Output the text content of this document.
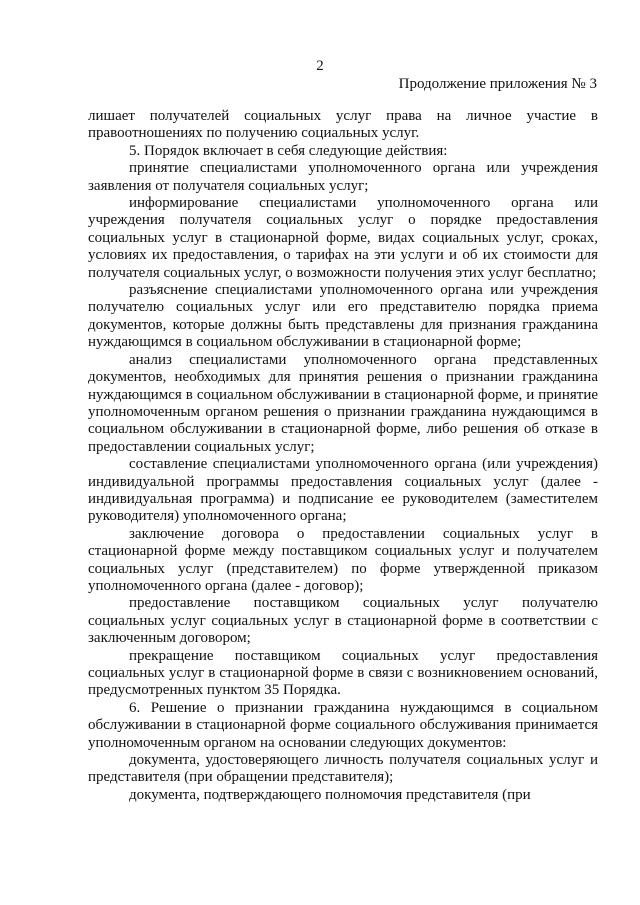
2
Продолжение приложения № 3

лишает получателей социальных услуг права на личное участие в правоотношениях по получению социальных услуг.

5. Порядок включает в себя следующие действия:

принятие специалистами уполномоченного органа или учреждения заявления от получателя социальных услуг;

информирование специалистами уполномоченного органа или учреждения получателя социальных услуг о порядке предоставления социальных услуг в стационарной форме, видах социальных услуг, сроках, условиях их предоставления, о тарифах на эти услуги и об их стоимости для получателя социальных услуг, о возможности получения этих услуг бесплатно;

разъяснение специалистами уполномоченного органа или учреждения получателю социальных услуг или его представителю порядка приема документов, которые должны быть представлены для признания гражданина нуждающимся в социальном обслуживании в стационарной форме;

анализ специалистами уполномоченного органа представленных документов, необходимых для принятия решения о признании гражданина нуждающимся в социальном обслуживании в стационарной форме, и принятие уполномоченным органом решения о признании гражданина нуждающимся в социальном обслуживании в стационарной форме, либо решения об отказе в предоставлении социальных услуг;

составление специалистами уполномоченного органа (или учреждения) индивидуальной программы предоставления социальных услуг (далее - индивидуальная программа) и подписание ее руководителем (заместителем руководителя) уполномоченного органа;

заключение договора о предоставлении социальных услуг в стационарной форме между поставщиком социальных услуг и получателем социальных услуг (представителем) по форме утвержденной приказом уполномоченного органа (далее - договор);

предоставление поставщиком социальных услуг получателю социальных услуг социальных услуг в стационарной форме в соответствии с заключенным договором;

прекращение поставщиком социальных услуг предоставления социальных услуг в стационарной форме в связи с возникновением оснований, предусмотренных пунктом 35 Порядка.

6. Решение о признании гражданина нуждающимся в социальном обслуживании в стационарной форме социального обслуживания принимается уполномоченным органом на основании следующих документов:

документа, удостоверяющего личность получателя социальных услуг и представителя (при обращении представителя);

документа, подтверждающего полномочия представителя (при
